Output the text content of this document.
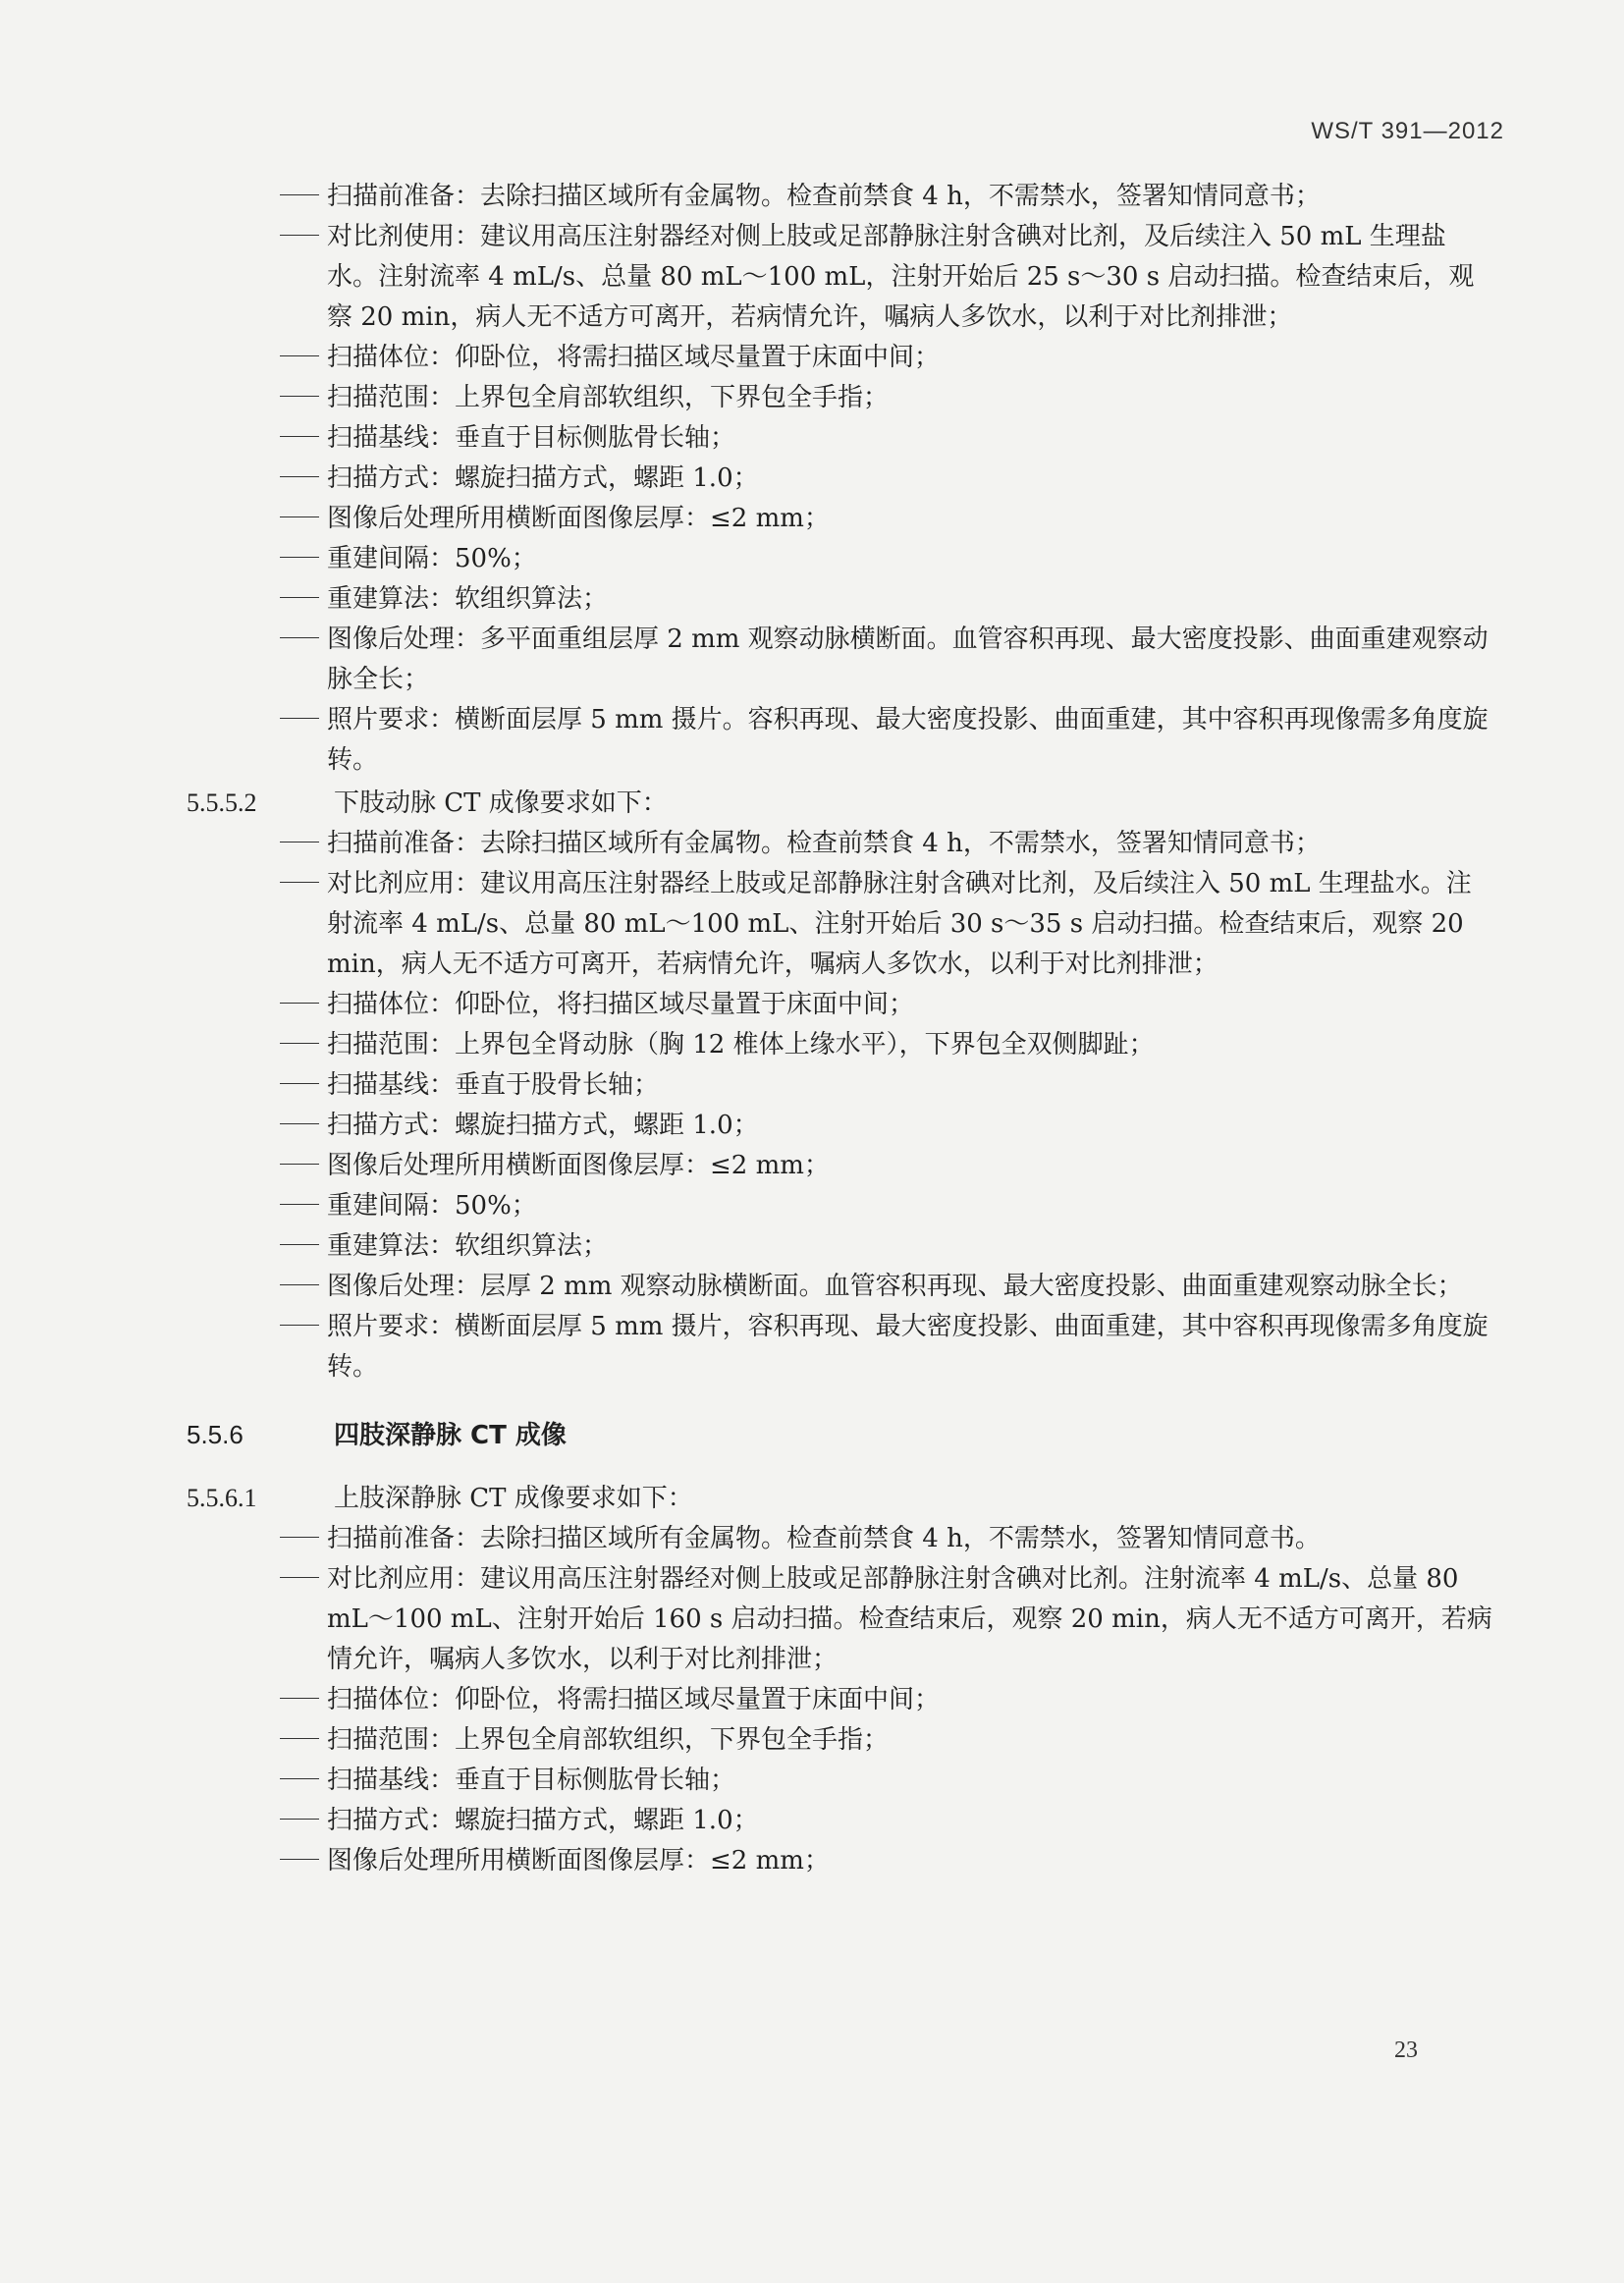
WS/T 391—2012
扫描前准备：去除扫描区域所有金属物。检查前禁食 4 h，不需禁水，签署知情同意书；
对比剂使用：建议用高压注射器经对侧上肢或足部静脉注射含碘对比剂，及后续注入 50 mL 生理盐水。注射流率 4 mL/s、总量 80 mL～100 mL，注射开始后 25 s～30 s 启动扫描。检查结束后，观察 20 min，病人无不适方可离开，若病情允许，嘱病人多饮水，以利于对比剂排泄；
扫描体位：仰卧位，将需扫描区域尽量置于床面中间；
扫描范围：上界包全肩部软组织，下界包全手指；
扫描基线：垂直于目标侧肱骨长轴；
扫描方式：螺旋扫描方式，螺距 1.0；
图像后处理所用横断面图像层厚：≤2 mm；
重建间隔：50%；
重建算法：软组织算法；
图像后处理：多平面重组层厚 2 mm 观察动脉横断面。血管容积再现、最大密度投影、曲面重建观察动脉全长；
照片要求：横断面层厚 5 mm 摄片。容积再现、最大密度投影、曲面重建，其中容积再现像需多角度旋转。
5.5.5.2	下肢动脉 CT 成像要求如下：
扫描前准备：去除扫描区域所有金属物。检查前禁食 4 h，不需禁水，签署知情同意书；
对比剂应用：建议用高压注射器经上肢或足部静脉注射含碘对比剂，及后续注入 50 mL 生理盐水。注射流率 4 mL/s、总量 80 mL～100 mL、注射开始后 30 s～35 s 启动扫描。检查结束后，观察 20 min，病人无不适方可离开，若病情允许，嘱病人多饮水，以利于对比剂排泄；
扫描体位：仰卧位，将扫描区域尽量置于床面中间；
扫描范围：上界包全肾动脉（胸 12 椎体上缘水平），下界包全双侧脚趾；
扫描基线：垂直于股骨长轴；
扫描方式：螺旋扫描方式，螺距 1.0；
图像后处理所用横断面图像层厚：≤2 mm；
重建间隔：50%；
重建算法：软组织算法；
图像后处理：层厚 2 mm 观察动脉横断面。血管容积再现、最大密度投影、曲面重建观察动脉全长；
照片要求：横断面层厚 5 mm 摄片，容积再现、最大密度投影、曲面重建，其中容积再现像需多角度旋转。
5.5.6	四肢深静脉 CT 成像
5.5.6.1	上肢深静脉 CT 成像要求如下：
扫描前准备：去除扫描区域所有金属物。检查前禁食 4 h，不需禁水，签署知情同意书。
对比剂应用：建议用高压注射器经对侧上肢或足部静脉注射含碘对比剂。注射流率 4 mL/s、总量 80 mL～100 mL、注射开始后 160 s 启动扫描。检查结束后，观察 20 min，病人无不适方可离开，若病情允许，嘱病人多饮水，以利于对比剂排泄；
扫描体位：仰卧位，将需扫描区域尽量置于床面中间；
扫描范围：上界包全肩部软组织，下界包全手指；
扫描基线：垂直于目标侧肱骨长轴；
扫描方式：螺旋扫描方式，螺距 1.0；
图像后处理所用横断面图像层厚：≤2 mm；
23
